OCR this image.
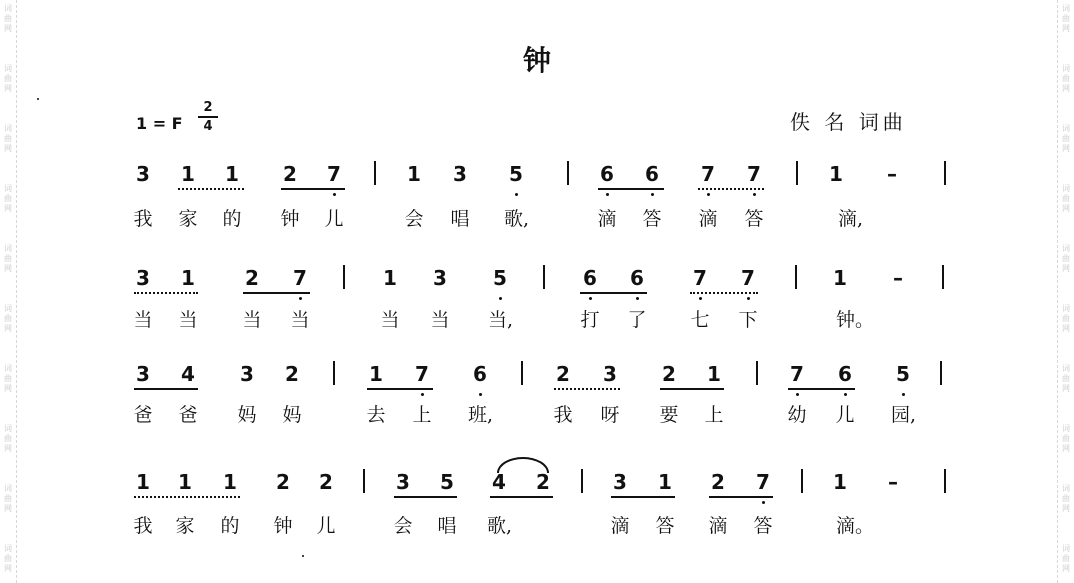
词
曲
网
词
曲
网
词
曲
网
词
曲
网
词
曲
网
词
曲
网
词
曲
网
词
曲
网
词
曲
网
词
曲
网
词
曲
网
词
曲
网
词
曲
网
词
曲
网
词
曲
网
词
曲
网
词
曲
网
词
曲
网
词
曲
网
词
曲
网
钟
1 = F
2
4	佚 名 词曲
3 1 1 2 7	1 3 5	6 6 7 7	1 –
我 家 的 钟 儿	会 唱 歌,	滴 答 滴 答	滴,
3 1	2 7	1 3 5	6 6 7 7	1 –
当 当 当 当	当 当 当,	打 了 七 下	钟。
3 4 3 2	1 7 6	2 3 2 1	7 6 5
爸 爸 妈 妈	去 上 班,	我 呀 要 上	幼 儿 园,
1 1 1 2 2	3 5 4 2	3 1 2 7	1 –
我 家 的 钟 儿	会 唱 歌,	滴 答 滴 答	滴。
